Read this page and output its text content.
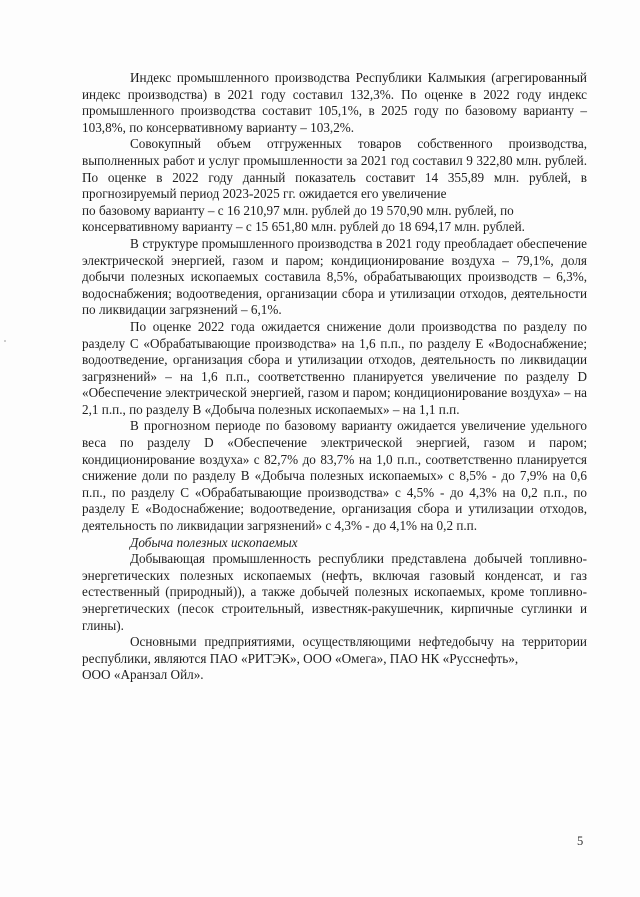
Индекс промышленного производства Республики Калмыкия (агрегированный индекс производства) в 2021 году составил 132,3%. По оценке в 2022 году индекс промышленного производства составит 105,1%, в 2025 году по базовому варианту – 103,8%, по консервативному варианту – 103,2%.

Совокупный объем отгруженных товаров собственного производства, выполненных работ и услуг промышленности за 2021 год составил 9 322,80 млн. рублей. По оценке в 2022 году данный показатель составит 14 355,89 млн. рублей, в прогнозируемый период 2023-2025 гг. ожидается его увеличение

по базовому варианту – с 16 210,97 млн. рублей до 19 570,90 млн. рублей, по консервативному варианту – с 15 651,80 млн. рублей до 18 694,17 млн. рублей.

В структуре промышленного производства в 2021 году преобладает обеспечение электрической энергией, газом и паром; кондиционирование воздуха – 79,1%, доля добычи полезных ископаемых составила 8,5%, обрабатывающих производств – 6,3%, водоснабжения; водоотведения, организации сбора и утилизации отходов, деятельности по ликвидации загрязнений – 6,1%.

По оценке 2022 года ожидается снижение доли производства по разделу по разделу С «Обрабатывающие производства» на 1,6 п.п., по разделу Е «Водоснабжение; водоотведение, организация сбора и утилизации отходов, деятельность по ликвидации загрязнений» – на 1,6 п.п., соответственно планируется увеличение по разделу D «Обеспечение электрической энергией, газом и паром; кондиционирование воздуха» – на 2,1 п.п., по разделу В «Добыча полезных ископаемых» – на 1,1 п.п.

В прогнозном периоде по базовому варианту ожидается увеличение удельного веса по разделу D «Обеспечение электрической энергией, газом и паром; кондиционирование воздуха» с 82,7% до 83,7% на 1,0 п.п., соответственно планируется снижение доли по разделу В «Добыча полезных ископаемых» с 8,5% - до 7,9% на 0,6 п.п., по разделу С «Обрабатывающие производства» с 4,5% - до 4,3% на 0,2 п.п., по разделу Е «Водоснабжение; водоотведение, организация сбора и утилизации отходов, деятельность по ликвидации загрязнений» с 4,3% - до 4,1% на 0,2 п.п.

Добыча полезных ископаемых

Добывающая промышленность республики представлена добычей топливно-энергетических полезных ископаемых (нефть, включая газовый конденсат, и газ естественный (природный)), а также добычей полезных ископаемых, кроме топливно-энергетических (песок строительный, известняк-ракушечник, кирпичные суглинки и глины).

Основными предприятиями, осуществляющими нефтедобычу на территории республики, являются ПАО «РИТЭК», ООО «Омега», ПАО НК «Русснефть»,

ООО «Аранзал Ойл».

5
